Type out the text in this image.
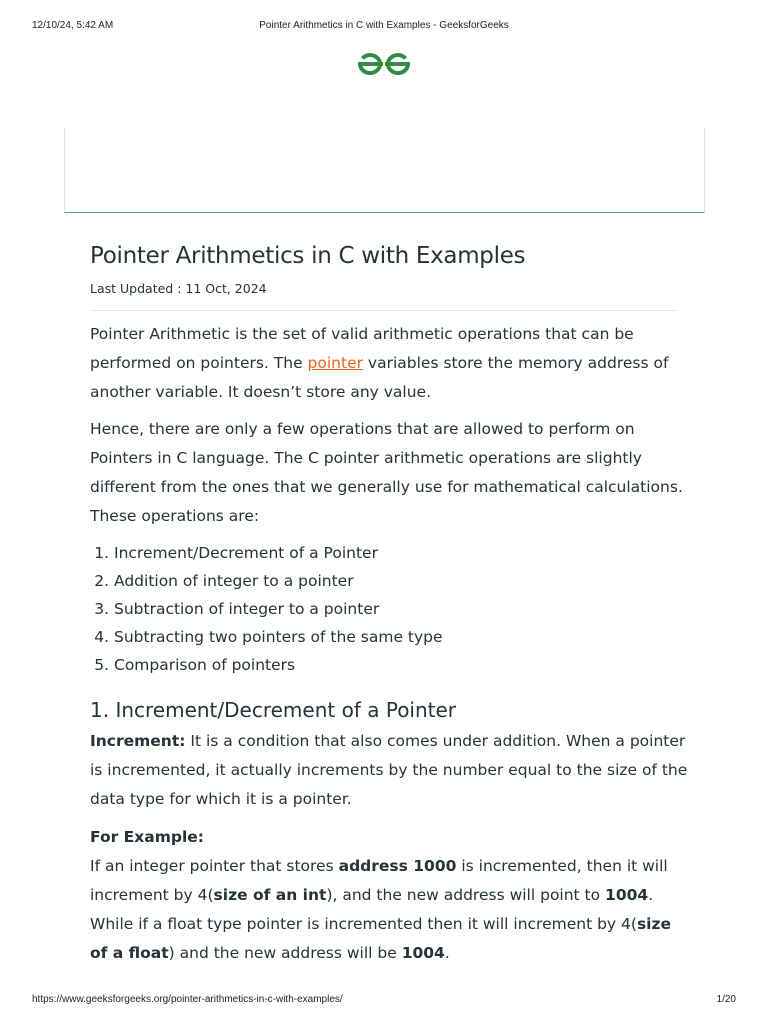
12/10/24, 5:42 AM	Pointer Arithmetics in C with Examples - GeeksforGeeks
Pointer Arithmetics in C with Examples
Last Updated : 11 Oct, 2024

Pointer Arithmetic is the set of valid arithmetic operations that can be performed on pointers. The pointer variables store the memory address of another variable. It doesn’t store any value.

Hence, there are only a few operations that are allowed to perform on Pointers in C language. The C pointer arithmetic operations are slightly different from the ones that we generally use for mathematical calculations. These operations are:

1. Increment/Decrement of a Pointer
2. Addition of integer to a pointer
3. Subtraction of integer to a pointer
4. Subtracting two pointers of the same type
5. Comparison of pointers
1. Increment/Decrement of a Pointer

Increment: It is a condition that also comes under addition. When a pointer is incremented, it actually increments by the number equal to the size of the data type for which it is a pointer.

For Example:

If an integer pointer that stores address 1000 is incremented, then it will increment by 4(size of an int), and the new address will point to 1004. While if a float type pointer is incremented then it will increment by 4(size of a float) and the new address will be 1004.

https://www.geeksforgeeks.org/pointer-arithmetics-in-c-with-examples/	1/20
